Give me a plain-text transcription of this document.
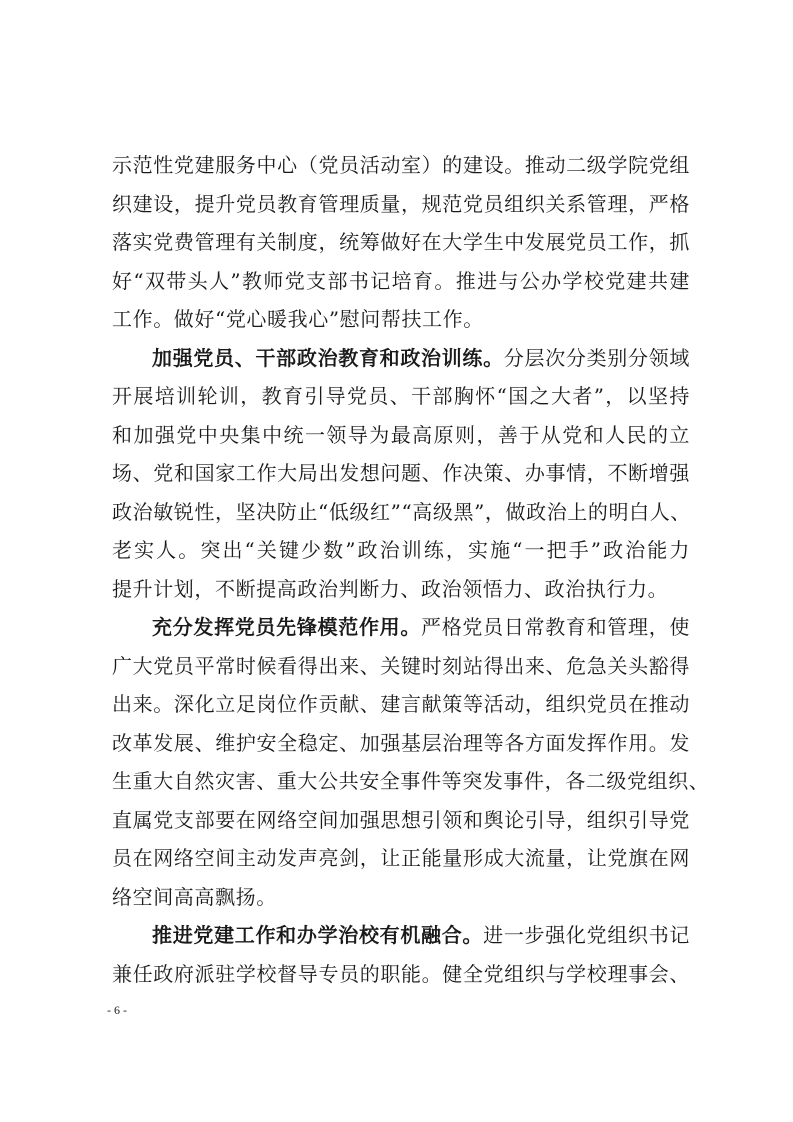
示范性党建服务中心（党员活动室）的建设。推动二级学院党组
织建设，提升党员教育管理质量，规范党员组织关系管理，严格
落实党费管理有关制度，统筹做好在大学生中发展党员工作，抓
好“双带头人”教师党支部书记培育。推进与公办学校党建共建
工作。做好“党心暖我心”慰问帮扶工作。
加强党员、干部政治教育和政治训练。分层次分类别分领域
开展培训轮训，教育引导党员、干部胸怀“国之大者”，以坚持
和加强党中央集中统一领导为最高原则，善于从党和人民的立
场、党和国家工作大局出发想问题、作决策、办事情，不断增强
政治敏锐性，坚决防止“低级红”“高级黑”，做政治上的明白人、
老实人。突出“关键少数”政治训练，实施“一把手”政治能力
提升计划，不断提高政治判断力、政治领悟力、政治执行力。
充分发挥党员先锋模范作用。严格党员日常教育和管理，使
广大党员平常时候看得出来、关键时刻站得出来、危急关头豁得
出来。深化立足岗位作贡献、建言献策等活动，组织党员在推动
改革发展、维护安全稳定、加强基层治理等各方面发挥作用。发
生重大自然灾害、重大公共安全事件等突发事件，各二级党组织、
直属党支部要在网络空间加强思想引领和舆论引导，组织引导党
员在网络空间主动发声亮剑，让正能量形成大流量，让党旗在网
络空间高高飘扬。
推进党建工作和办学治校有机融合。进一步强化党组织书记
兼任政府派驻学校督导专员的职能。健全党组织与学校理事会、
- 6 -
